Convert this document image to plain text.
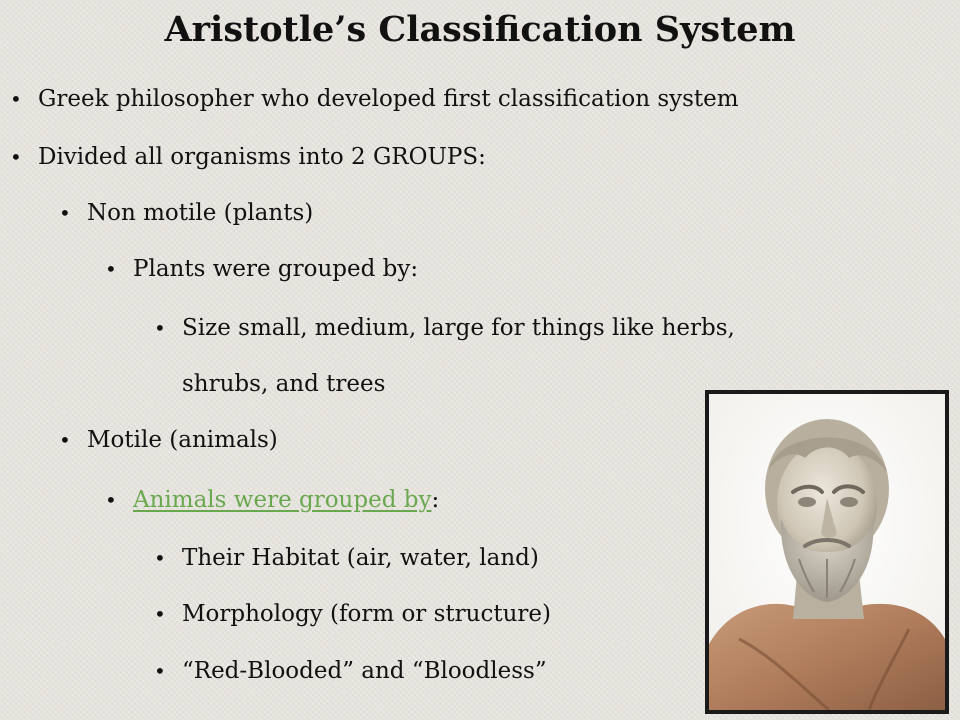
Aristotle’s Classification System
• Greek philosopher who developed first classification system
• Divided all organisms into 2 GROUPS:
• Non motile (plants)
• Plants were grouped by:
• Size small, medium, large for things like herbs,
shrubs, and trees
• Motile (animals)
• Animals were grouped by:
• Their Habitat (air, water, land)
• Morphology (form or structure)
• “Red-Blooded” and “Bloodless”
